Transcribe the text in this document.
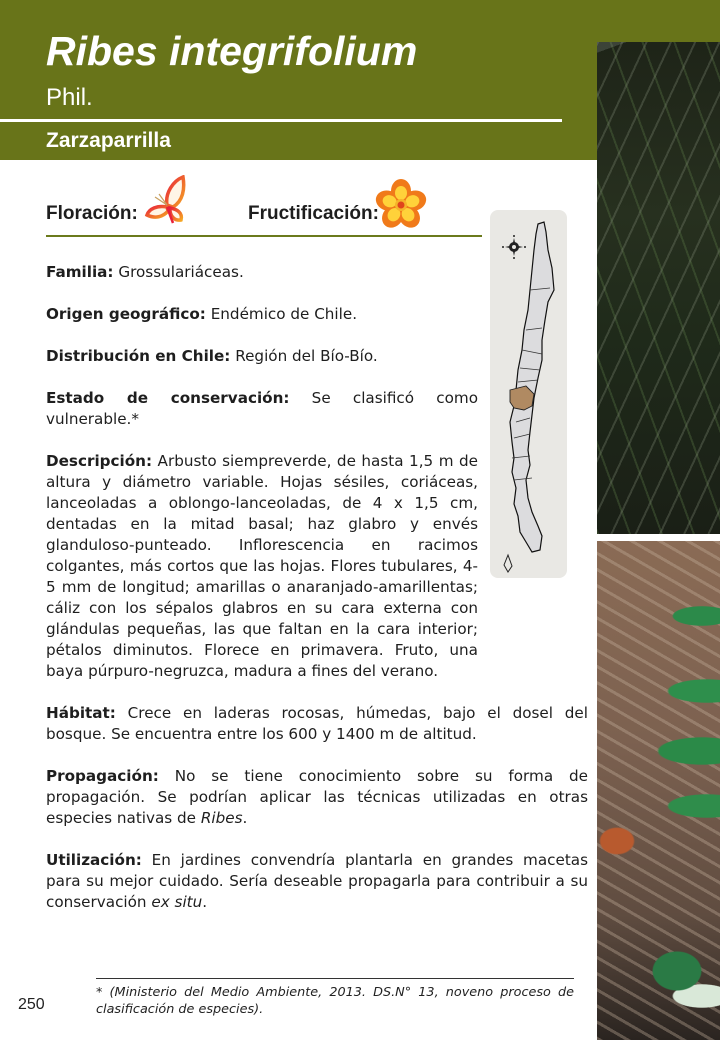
Ribes integrifolium
Phil.
Zarzaparrilla
Floración:	Fructificación:

Familia: Grossulariáceas.

Origen geográfico: Endémico de Chile.

Distribución en Chile: Región del Bío-Bío.

Estado de conservación: Se clasificó como vulnerable.*

Descripción: Arbusto siempreverde, de hasta 1,5 m de altura y diámetro variable. Hojas sésiles, coriáceas, lanceoladas a oblongo-lanceoladas, de 4 x 1,5 cm, dentadas en la mitad basal; haz glabro y envés glanduloso-punteado. Inflorescencia en racimos colgantes, más cortos que las hojas. Flores tubulares, 4-5 mm de longitud; amarillas o anaranjado-amarillentas; cáliz con los sépalos glabros en su cara externa con glándulas pequeñas, las que faltan en la cara interior; pétalos diminutos. Florece en primavera. Fruto, una baya púrpuro-negruzca, madura a fines del verano.

Hábitat: Crece en laderas rocosas, húmedas, bajo el dosel del bosque. Se encuentra entre los 600 y 1400 m de altitud.

Propagación: No se tiene conocimiento sobre su forma de propagación. Se podrían aplicar las técnicas utilizadas en otras especies nativas de Ribes.

Utilización: En jardines convendría plantarla en grandes macetas para su mejor cuidado. Sería deseable propagarla para contribuir a su conservación ex situ.

* (Ministerio del Medio Ambiente, 2013. DS.N° 13, noveno proceso de clasificación de especies).
250
